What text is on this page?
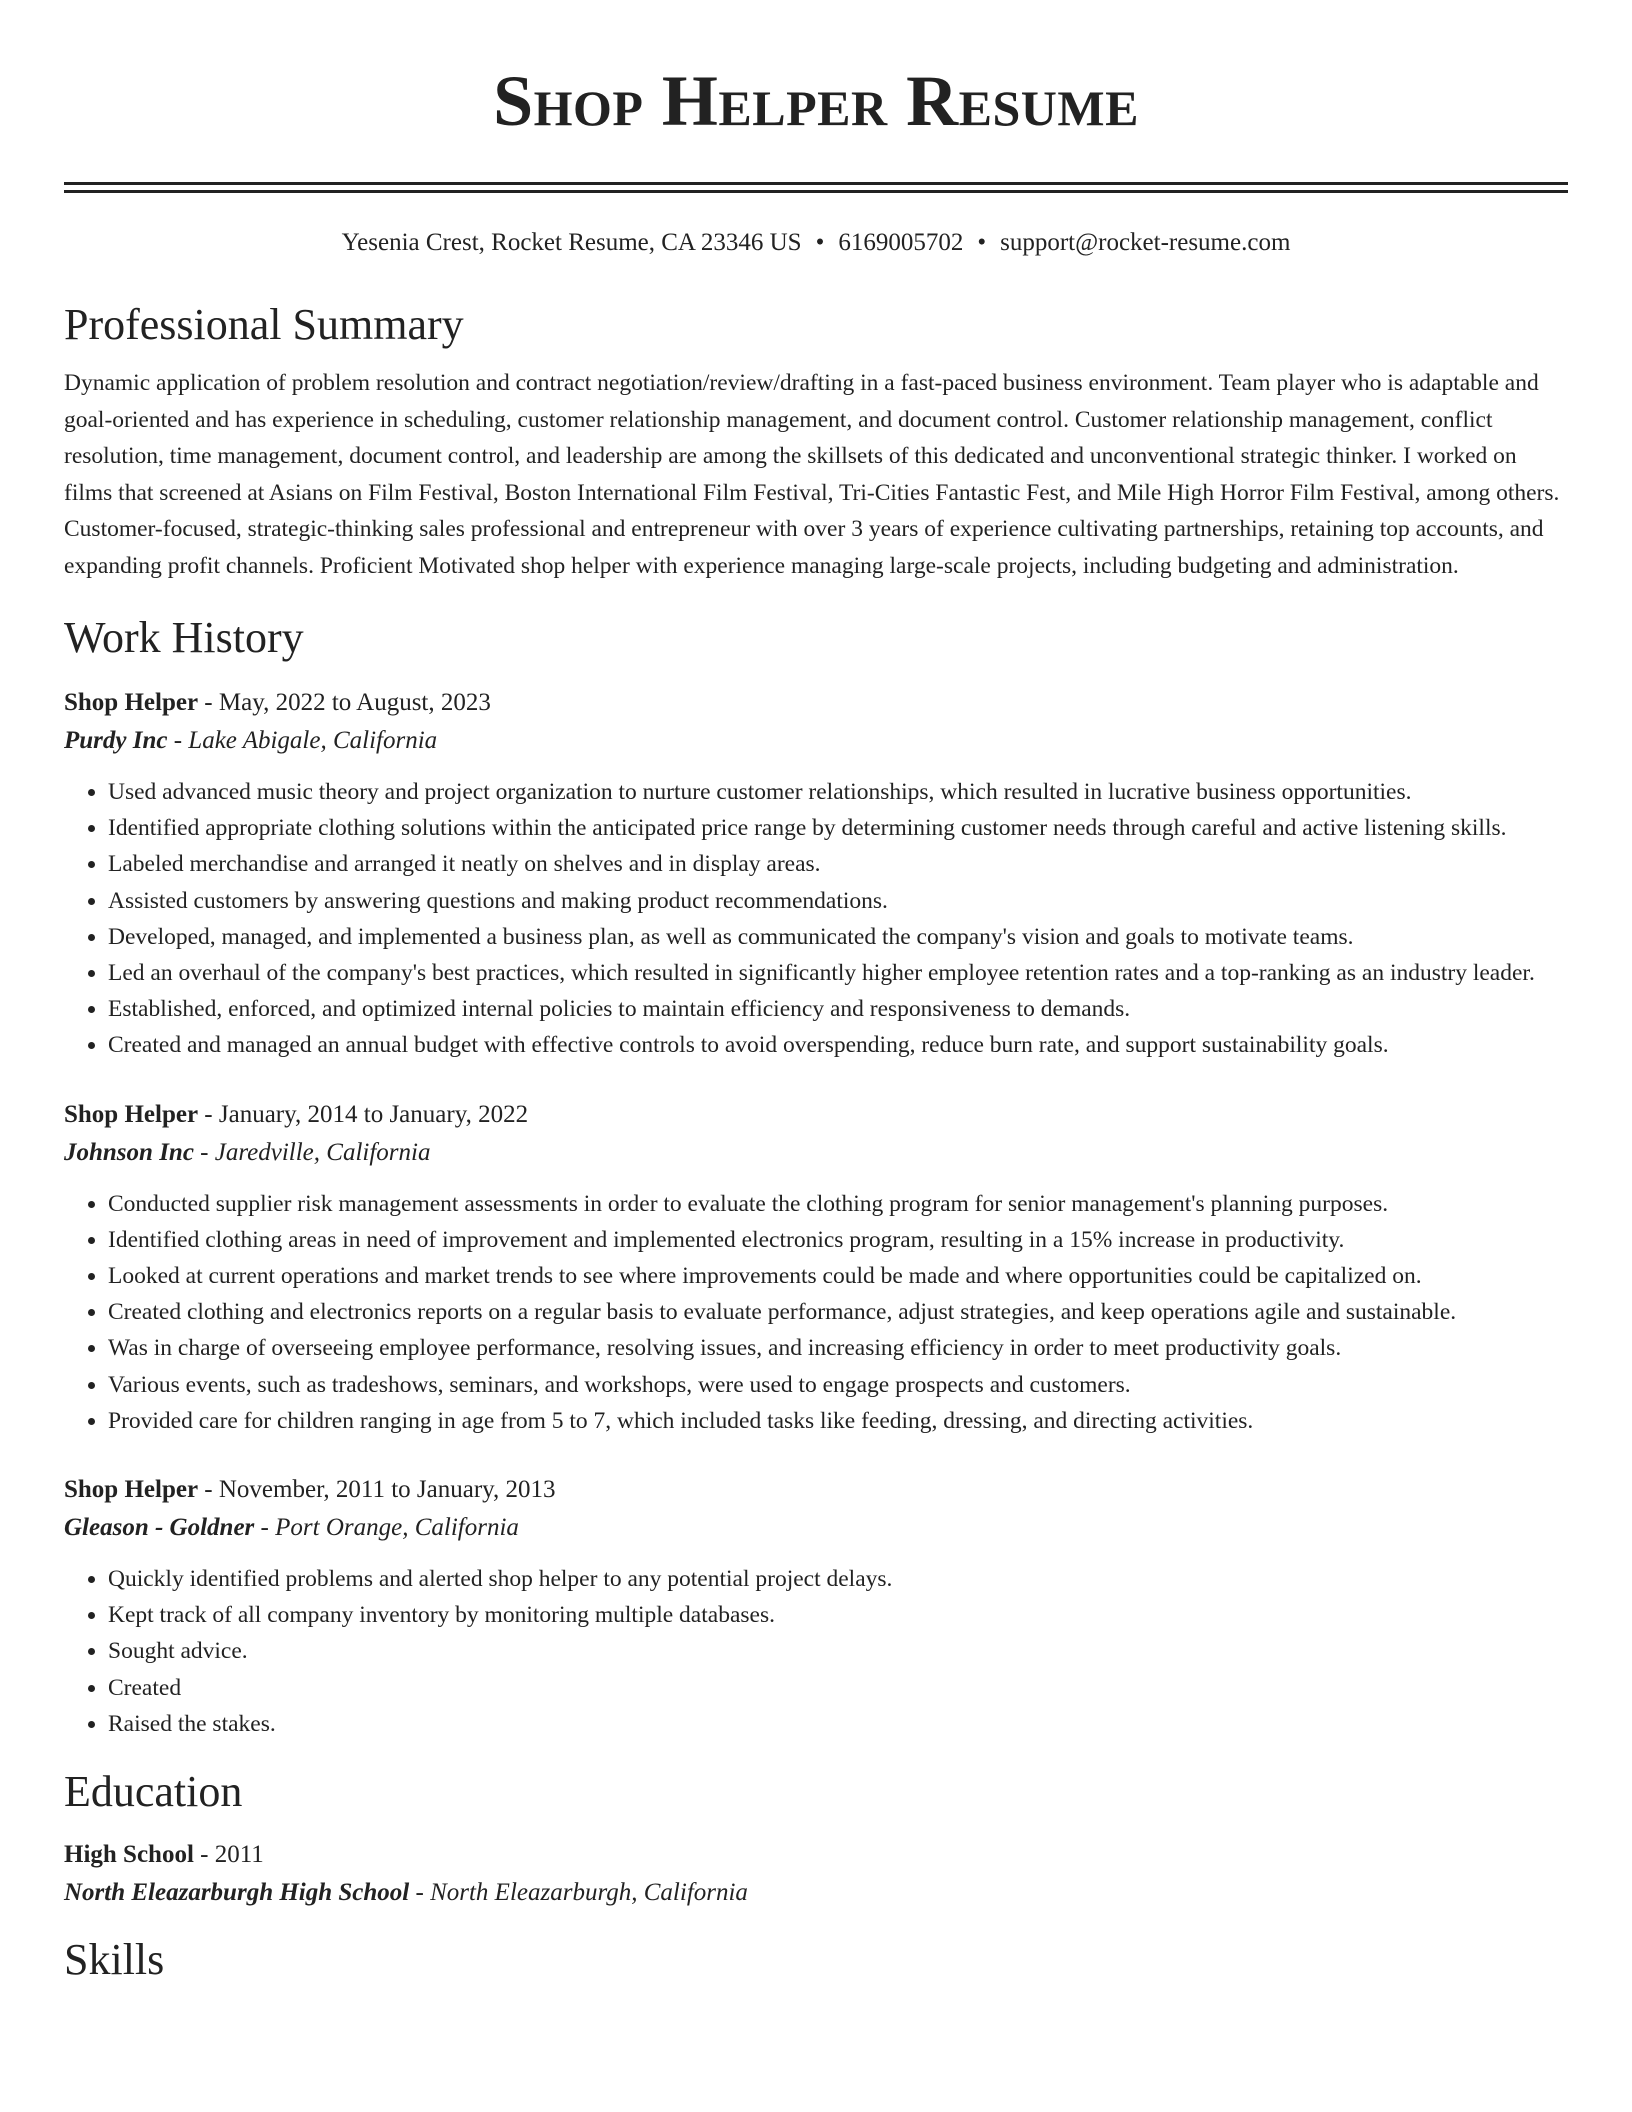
Shop Helper Resume
Yesenia Crest, Rocket Resume, CA 23346 US • 6169005702 • support@rocket-resume.com
Professional Summary

Dynamic application of problem resolution and contract negotiation/review/drafting in a fast-paced business environment. Team player who is adaptable and goal-oriented and has experience in scheduling, customer relationship management, and document control. Customer relationship management, conflict resolution, time management, document control, and leadership are among the skillsets of this dedicated and unconventional strategic thinker. I worked on films that screened at Asians on Film Festival, Boston International Film Festival, Tri-Cities Fantastic Fest, and Mile High Horror Film Festival, among others. Customer-focused, strategic-thinking sales professional and entrepreneur with over 3 years of experience cultivating partnerships, retaining top accounts, and expanding profit channels. Proficient Motivated shop helper with experience managing large-scale projects, including budgeting and administration.

Work History
Shop Helper - May, 2022 to August, 2023
Purdy Inc - Lake Abigale, California
• Used advanced music theory and project organization to nurture customer relationships, which resulted in lucrative business opportunities.
• Identified appropriate clothing solutions within the anticipated price range by determining customer needs through careful and active listening skills.
• Labeled merchandise and arranged it neatly on shelves and in display areas.
• Assisted customers by answering questions and making product recommendations.
• Developed, managed, and implemented a business plan, as well as communicated the company's vision and goals to motivate teams.
• Led an overhaul of the company's best practices, which resulted in significantly higher employee retention rates and a top-ranking as an industry leader.
• Established, enforced, and optimized internal policies to maintain efficiency and responsiveness to demands.
• Created and managed an annual budget with effective controls to avoid overspending, reduce burn rate, and support sustainability goals.
Shop Helper - January, 2014 to January, 2022
Johnson Inc - Jaredville, California
• Conducted supplier risk management assessments in order to evaluate the clothing program for senior management's planning purposes.
• Identified clothing areas in need of improvement and implemented electronics program, resulting in a 15% increase in productivity.
• Looked at current operations and market trends to see where improvements could be made and where opportunities could be capitalized on.
• Created clothing and electronics reports on a regular basis to evaluate performance, adjust strategies, and keep operations agile and sustainable.
• Was in charge of overseeing employee performance, resolving issues, and increasing efficiency in order to meet productivity goals.
• Various events, such as tradeshows, seminars, and workshops, were used to engage prospects and customers.
• Provided care for children ranging in age from 5 to 7, which included tasks like feeding, dressing, and directing activities.
Shop Helper - November, 2011 to January, 2013
Gleason - Goldner - Port Orange, California
• Quickly identified problems and alerted shop helper to any potential project delays.
• Kept track of all company inventory by monitoring multiple databases.
• Sought advice.
• Created
• Raised the stakes.
Education
High School - 2011
North Eleazarburgh High School - North Eleazarburgh, California
Skills
